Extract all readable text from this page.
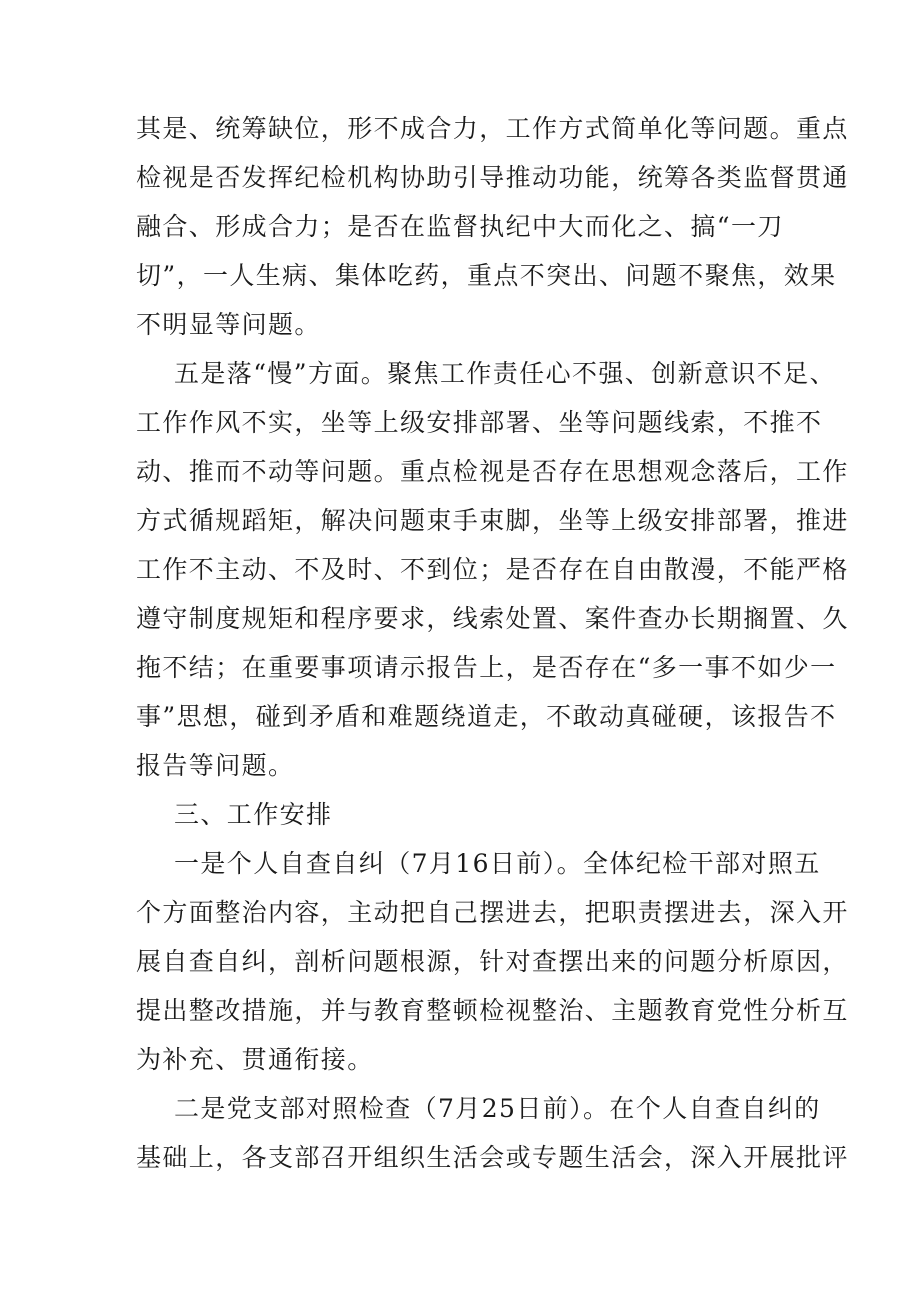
其是、统筹缺位，形不成合力，工作方式简单化等问题。重点
检视是否发挥纪检机构协助引导推动功能，统筹各类监督贯通
融合、形成合力；是否在监督执纪中大而化之、搞“一刀
切”，一人生病、集体吃药，重点不突出、问题不聚焦，效果
不明显等问题。
五是落“慢”方面。聚焦工作责任心不强、创新意识不足、
工作作风不实，坐等上级安排部署、坐等问题线索，不推不
动、推而不动等问题。重点检视是否存在思想观念落后，工作
方式循规蹈矩，解决问题束手束脚，坐等上级安排部署，推进
工作不主动、不及时、不到位；是否存在自由散漫，不能严格
遵守制度规矩和程序要求，线索处置、案件查办长期搁置、久
拖不结；在重要事项请示报告上，是否存在“多一事不如少一
事”思想，碰到矛盾和难题绕道走，不敢动真碰硬，该报告不
报告等问题。
三、工作安排
一是个人自查自纠（7月16日前）。全体纪检干部对照五
个方面整治内容，主动把自己摆进去，把职责摆进去，深入开
展自查自纠，剖析问题根源，针对查摆出来的问题分析原因，
提出整改措施，并与教育整顿检视整治、主题教育党性分析互
为补充、贯通衔接。
二是党支部对照检查（7月25日前）。在个人自查自纠的
基础上，各支部召开组织生活会或专题生活会，深入开展批评
